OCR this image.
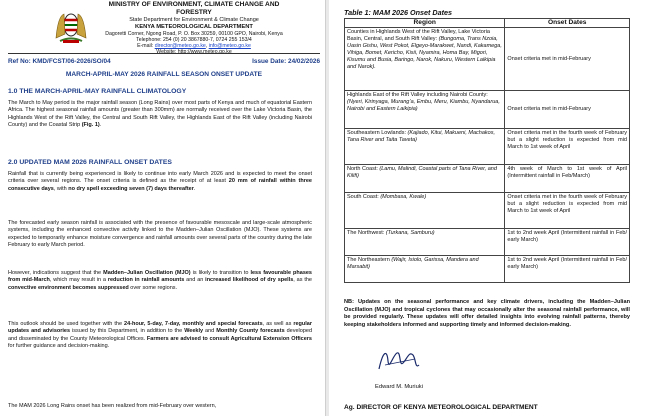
MINISTRY OF ENVIRONMENT, CLIMATE CHANGE AND FORESTRY
State Department for Environment & Climate Change
KENYA METEOROLOGICAL DEPARTMENT
Dagoretti Corner, Ngong Road, P. O. Box 30259, 00100 GPO, Nairobi, Kenya
Telephone: 254 (0) 20 3867880-7, 0724 255 153/4
E-mail: director@meteo.go.ke, info@meteo.go.ke
Website: http://www.meteo.go.ke
Ref No: KMD/FCST/06-2026/SO/04	Issue Date: 24/02/2026
MARCH-APRIL-MAY 2026 RAINFALL SEASON ONSET UPDATE
1.0 THE MARCH-APRIL-MAY RAINFALL CLIMATOLOGY
The March to May period is the major rainfall season (Long Rains) over most parts of Kenya and much of equatorial Eastern Africa. The highest seasonal rainfall amounts (greater than 300mm) are normally received over the Lake Victoria Basin, the Highlands West of the Rift Valley, the Central and South Rift Valley, the Highlands East of the Rift Valley (including Nairobi County) and the Coastal Strip (Fig. 1).
2.0 UPDATED MAM 2026 RAINFALL ONSET DATES
Rainfall that is currently being experienced is likely to continue into early March 2026 and is expected to meet the onset criteria over several regions. The onset criteria is defined as the receipt of at least 20 mm of rainfall within three consecutive days, with no dry spell exceeding seven (7) days thereafter.
The forecasted early season rainfall is associated with the presence of favourable mesoscale and large-scale atmospheric systems, including the enhanced convective activity linked to the Madden–Julian Oscillation (MJO). These systems are expected to temporarily enhance moisture convergence and rainfall amounts over several parts of the country during the late February to early March period.
However, indications suggest that the Madden–Julian Oscillation (MJO) is likely to transition to less favourable phases from mid-March, which may result in a reduction in rainfall amounts and an increased likelihood of dry spells, as the convective environment becomes suppressed over some regions.
This outlook should be used together with the 24-hour, 5-day, 7-day, monthly and special forecasts, as well as regular updates and advisories issued by this Department, in addition to the Weekly and Monthly County forecasts developed and disseminated by the County Meteorological Offices. Farmers are advised to consult Agricultural Extension Officers for further guidance and decision-making.
The MAM 2026 Long Rains onset has been realized from mid-February over western,
Table 1: MAM 2026 Onset Dates
Region	Onset Dates
Counties in Highlands West of the Rift Valley, Lake Victoria Basin, Central, and South Rift Valley: (Bungoma, Trans Nzoia, Uasin Gishu, West Pokot, Elgeyo-Marakwet, Nandi, Kakamega, Vihiga, Bomet, Kericho, Kisii, Nyamira, Homa Bay, Migori, Kisumu and Busia, Baringo, Narok, Nakuru, Western Laikipia and Narok).	Onset criteria met in mid-February
Highlands East of the Rift Valley including Nairobi County: (Nyeri, Kirinyaga, Murang’a, Embu, Meru, Kiambu, Nyandarua, Nairobi and Eastern Laikipia)	Onset criteria met in mid-February
Southeastern Lowlands: (Kajiado, Kitui, Makueni, Machakos, Tana River and Taita Taveta)	Onset criteria met in the fourth week of February but a slight reduction is expected from mid March to 1st week of April
North Coast: (Lamu, Malindi, Coastal parts of Tana River, and Kilifi)	4th week of March to 1st week of April (Intermittent rainfall in Feb/March)
South Coast: (Mombasa, Kwale)	Onset criteria met in the fourth week of February but a slight reduction is expected from mid March to 1st week of April
The Northwest: (Turkana, Samburu)	1st to 2nd week April (Intermittent rainfall in Feb/ early March)
The Northeastern (Wajir, Isiolo, Garissa, Mandera and Marsabit)	1st to 2nd week April (Intermittent rainfall in Feb/ early March)
NB: Updates on the seasonal performance and key climate drivers, including the Madden–Julian Oscillation (MJO) and tropical cyclones that may occasionally alter the seasonal rainfall performance, will be provided regularly. These updates will offer detailed insights into evolving rainfall patterns, thereby keeping stakeholders informed and supporting timely and informed decision-making.
Edward M. Muriuki
Ag. DIRECTOR OF KENYA METEOROLOGICAL DEPARTMENT
